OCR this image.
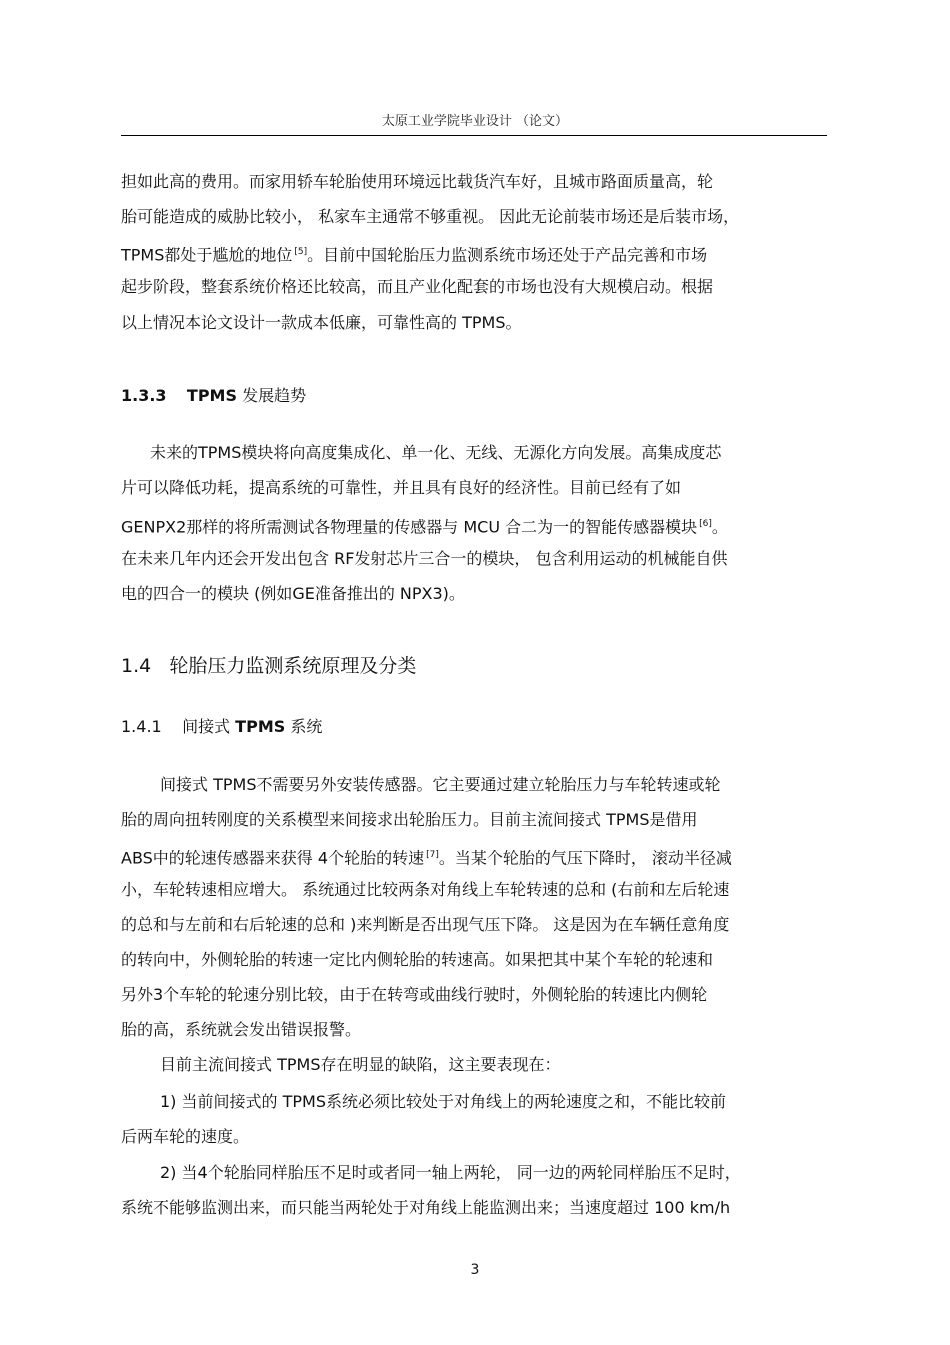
太原工业学院毕业设计 （论文）
担如此高的费用。而家用轿车轮胎使用环境远比载货汽车好，且城市路面质量高，轮
胎可能造成的威胁比较小， 私家车主通常不够重视。 因此无论前装市场还是后装市场，
TPMS都处于尴尬的地位 [5]。目前中国轮胎压力监测系统市场还处于产品完善和市场
起步阶段，整套系统价格还比较高，而且产业化配套的市场也没有大规模启动。根据
以上情况本论文设计一款成本低廉，可靠性高的 TPMS。
1.3.3 TPMS 发展趋势
未来的TPMS模块将向高度集成化、单一化、无线、无源化方向发展。高集成度芯
片可以降低功耗，提高系统的可靠性，并且具有良好的经济性。目前已经有了如
GENPX2那样的将所需测试各物理量的传感器与 MCU 合二为一的智能传感器模块 [6]。
在未来几年内还会开发出包含 RF发射芯片三合一的模块， 包含利用运动的机械能自供
电的四合一的模块 (例如GE准备推出的 NPX3)。
1.4 轮胎压力监测系统原理及分类
1.4.1 间接式 TPMS 系统
间接式 TPMS不需要另外安装传感器。它主要通过建立轮胎压力与车轮转速或轮
胎的周向扭转刚度的关系模型来间接求出轮胎压力。目前主流间接式 TPMS是借用
ABS中的轮速传感器来获得 4个轮胎的转速 [7]。当某个轮胎的气压下降时， 滚动半径减
小，车轮转速相应增大。 系统通过比较两条对角线上车轮转速的总和 (右前和左后轮速
的总和与左前和右后轮速的总和 )来判断是否出现气压下降。 这是因为在车辆任意角度
的转向中，外侧轮胎的转速一定比内侧轮胎的转速高。如果把其中某个车轮的轮速和
另外3个车轮的轮速分别比较，由于在转弯或曲线行驶时，外侧轮胎的转速比内侧轮
胎的高，系统就会发出错误报警。
目前主流间接式 TPMS存在明显的缺陷，这主要表现在：
1) 当前间接式的 TPMS系统必须比较处于对角线上的两轮速度之和，不能比较前
后两车轮的速度。
2) 当4个轮胎同样胎压不足时或者同一轴上两轮， 同一边的两轮同样胎压不足时，
系统不能够监测出来，而只能当两轮处于对角线上能监测出来；当速度超过 100 km/h
3
